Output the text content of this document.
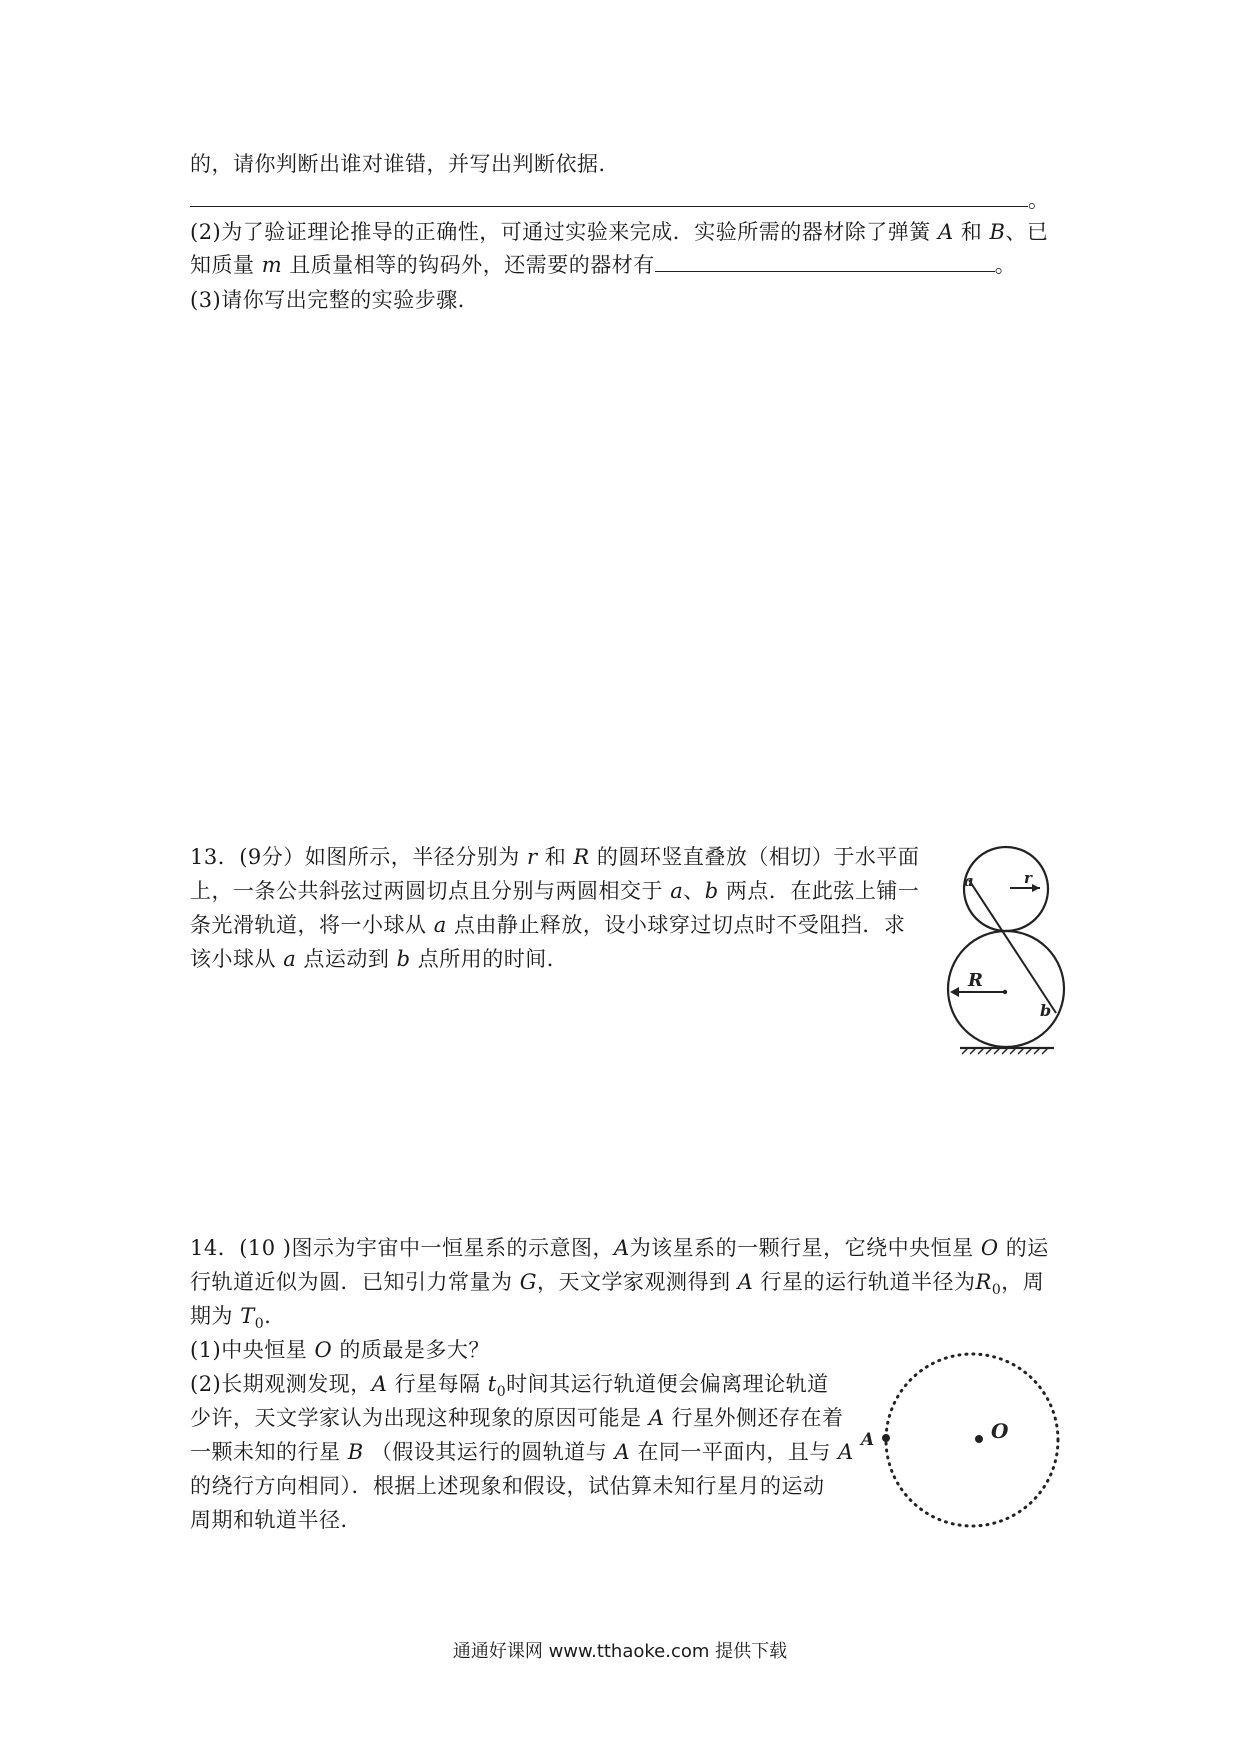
的，请你判断出谁对谁错，并写出判断依据．
。
(2)为了验证理论推导的正确性，可通过实验来完成．实验所需的器材除了弹簧 A 和 B、已
知质量 m 且质量相等的钩码外，还需要的器材有	。
(3)请你写出完整的实验步骤．
13．(9分）如图所示，半径分别为 r 和 R 的圆环竖直叠放（相切）于水平面
上，一条公共斜弦过两圆切点且分别与两圆相交于 a、b 两点．在此弦上铺一
条光滑轨道，将一小球从 a 点由静止释放，设小球穿过切点时不受阻挡．求
该小球从 a 点运动到 b 点所用的时间．
a	r
R
b
14．(10 )图示为宇宙中一恒星系的示意图，A为该星系的一颗行星，它绕中央恒星 O 的运
行轨道近似为圆．已知引力常量为 G，天文学家观测得到 A 行星的运行轨道半径为$R_0$，周
期为 $T_0$.
(1)中央恒星 O 的质最是多大？
(2)长期观测发现，A 行星每隔 $t_0$时间其运行轨道便会偏离理论轨道
少许，天文学家认为出现这种现象的原因可能是 A 行星外侧还存在着
一颗未知的行星 B （假设其运行的圆轨道与 A 在同一平面内，且与 A
的绕行方向相同）．根据上述现象和假设，试估算未知行星月的运动
周期和轨道半径．
A	O
通通好课网 www.tthaoke.com 提供下载
